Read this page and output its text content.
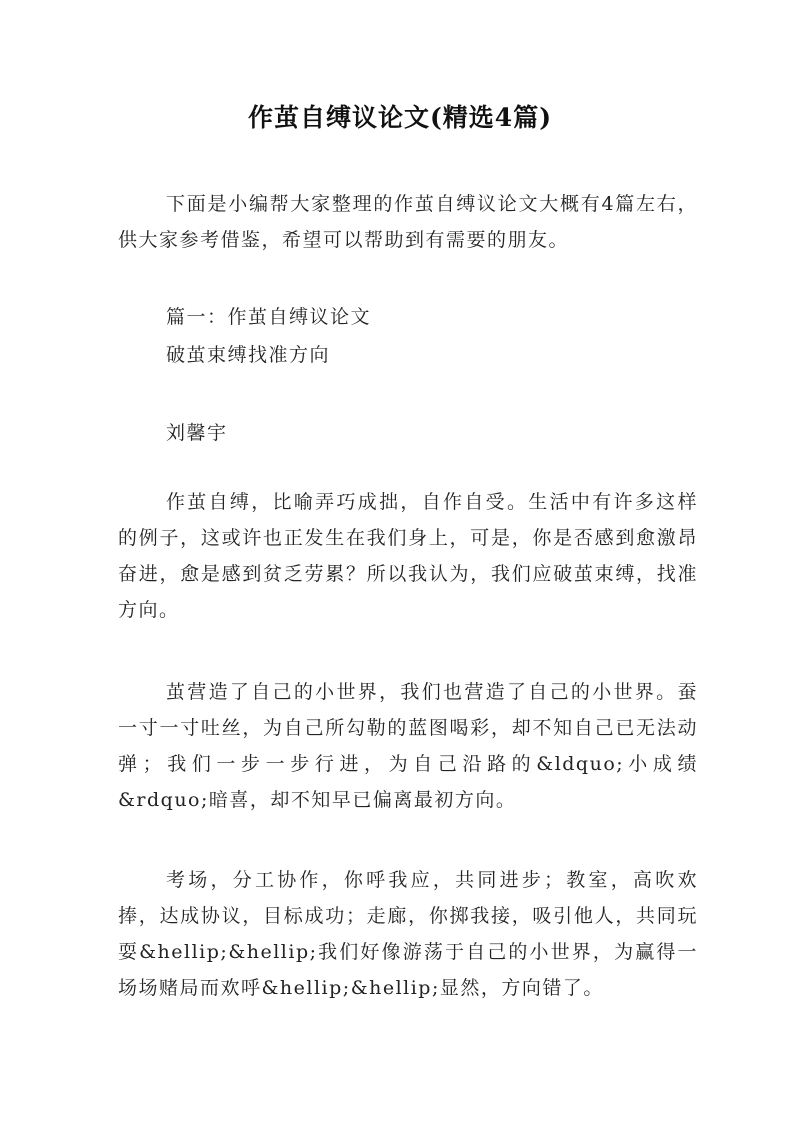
作茧自缚议论文(精选4篇)

下面是小编帮大家整理的作茧自缚议论文大概有4篇左右，供大家参考借鉴，希望可以帮助到有需要的朋友。

篇一：作茧自缚议论文

破茧束缚找准方向

刘馨宇

作茧自缚，比喻弄巧成拙，自作自受。生活中有许多这样的例子，这或许也正发生在我们身上，可是，你是否感到愈激昂奋进，愈是感到贫乏劳累？所以我认为，我们应破茧束缚，找准方向。

茧营造了自己的小世界，我们也营造了自己的小世界。蚕一寸一寸吐丝，为自己所勾勒的蓝图喝彩，却不知自己已无法动弹；我们一步一步行进，为自己沿路的&ldquo;小成绩&rdquo;暗喜，却不知早已偏离最初方向。

考场，分工协作，你呼我应，共同进步；教室，高吹欢捧，达成协议，目标成功；走廊，你掷我接，吸引他人，共同玩耍&hellip;&hellip;我们好像游荡于自己的小世界，为赢得一场场赌局而欢呼&hellip;&hellip;显然，方向错了。
